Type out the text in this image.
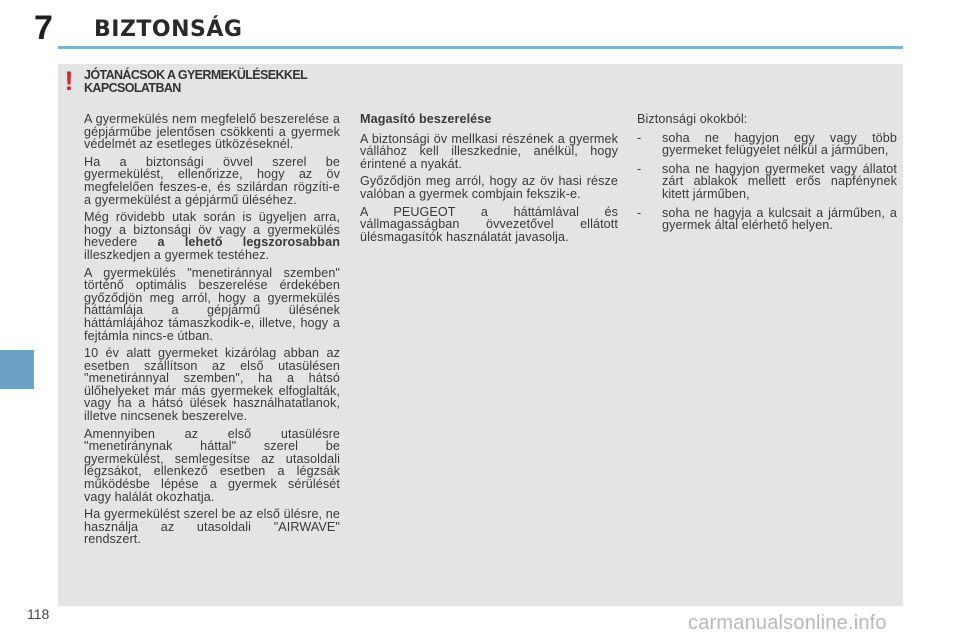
7 BIZTONSÁG
! JÓTANÁCSOK A GYERMEKÜLÉSEKKEL KAPCSOLATBAN

A gyermekülés nem megfelelő beszerelése a gépjárműbe jelentősen csökkenti a gyermek védelmét az esetleges ütközéseknél.

Ha a biztonsági övvel szerel be gyermekülést, ellenőrizze, hogy az öv megfelelően feszes-e, és szilárdan rögzíti-e a gyermekülést a gépjármű üléséhez.

Még rövidebb utak során is ügyeljen arra, hogy a biztonsági öv vagy a gyermekülés hevedere a lehető legszorosabban illeszkedjen a gyermek testéhez.

A gyermekülés "menetiránnyal szemben" történő optimális beszerelése érdekében győződjön meg arról, hogy a gyermekülés háttámlája a gépjármű ülésének háttámlájához támaszkodik-e, illetve, hogy a fejtámla nincs-e útban.

10 év alatt gyermeket kizárólag abban az esetben szállítson az első utasülésen "menetiránnyal szemben", ha a hátsó ülőhelyeket már más gyermekek elfoglalták, vagy ha a hátsó ülések használhatatlanok, illetve nincsenek beszerelve.

Amennyiben az első utasülésre "menetiránynak háttal" szerel be gyermekülést, semlegesítse az utasoldali légzsákot, ellenkező esetben a légzsák működésbe lépése a gyermek sérülését vagy halálát okozhatja.

Ha gyermekülést szerel be az első ülésre, ne használja az utasoldali "AIRWAVE" rendszert.

Magasító beszerelése

A biztonsági öv mellkasi részének a gyermek vállához kell illeszkednie, anélkül, hogy érintené a nyakát.

Győződjön meg arról, hogy az öv hasi része valóban a gyermek combjain fekszik-e.

A PEUGEOT a háttámlával és vállmagasságban övvezetővel ellátott ülésmagasítók használatát javasolja.

Biztonsági okokból:

- soha ne hagyjon egy vagy több gyermeket felügyelet nélkül a járműben,
- soha ne hagyjon gyermeket vagy állatot zárt ablakok mellett erős napfénynek kitett járműben,
- soha ne hagyja a kulcsait a járműben, a gyermek által elérhető helyen.
118	carmanualsonline.info
